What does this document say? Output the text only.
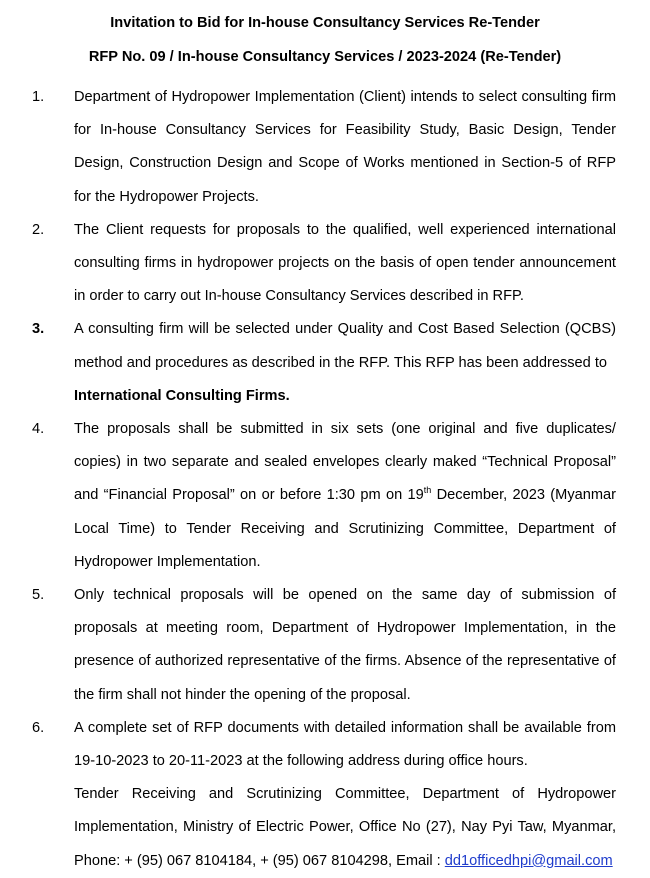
Invitation to Bid for In-house Consultancy Services Re-Tender
RFP No. 09 / In-house Consultancy Services / 2023-2024 (Re-Tender)
1. Department of Hydropower Implementation (Client) intends to select consulting firm for In-house Consultancy Services for Feasibility Study, Basic Design, Tender Design, Construction Design and Scope of Works mentioned in Section-5 of RFP for the Hydropower Projects.
2. The Client requests for proposals to the qualified, well experienced international consulting firms in hydropower projects on the basis of open tender announcement in order to carry out In-house Consultancy Services described in RFP.
3. A consulting firm will be selected under Quality and Cost Based Selection (QCBS) method and procedures as described in the RFP. This RFP has been addressed to
International Consulting Firms.
4. The proposals shall be submitted in six sets (one original and five duplicates/ copies) in two separate and sealed envelopes clearly maked “Technical Proposal” and “Financial Proposal” on or before 1:30 pm on 19th December, 2023 (Myanmar Local Time) to Tender Receiving and Scrutinizing Committee, Department of Hydropower Implementation.
5. Only technical proposals will be opened on the same day of submission of proposals at meeting room, Department of Hydropower Implementation, in the presence of authorized representative of the firms. Absence of the representative of the firm shall not hinder the opening of the proposal.
6. A complete set of RFP documents with detailed information shall be available from 19-10-2023 to 20-11-2023 at the following address during office hours.
Tender Receiving and Scrutinizing Committee, Department of Hydropower Implementation, Ministry of Electric Power, Office No (27), Nay Pyi Taw, Myanmar, Phone: + (95) 067 8104184, + (95) 067 8104298, Email : dd1officedhpi@gmail.com
